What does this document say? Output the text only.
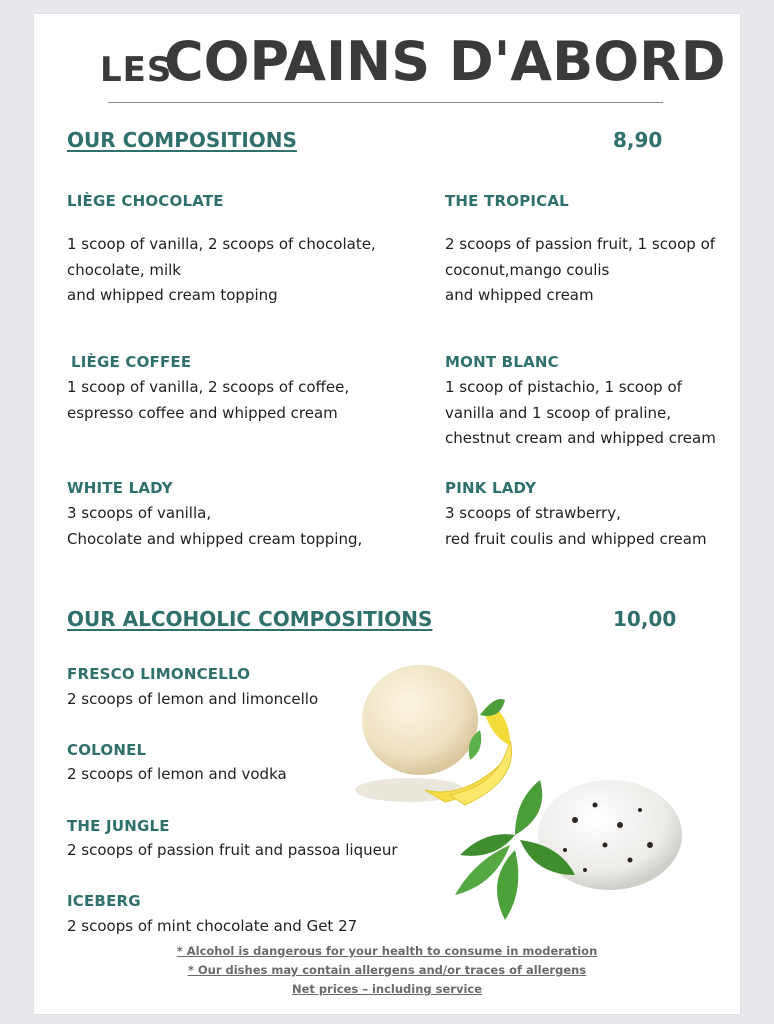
LES
COPAINS D'ABORD
OUR COMPOSITIONS	8,90
LIÈGE CHOCOLATE
1 scoop of vanilla, 2 scoops of chocolate,
chocolate, milk
and whipped cream topping
THE TROPICAL
2 scoops of passion fruit, 1 scoop of
coconut,mango coulis
and whipped cream
LIÈGE COFFEE
1 scoop of vanilla, 2 scoops of coffee,
espresso coffee and whipped cream
MONT BLANC
1 scoop of pistachio, 1 scoop of
vanilla and 1 scoop of praline,
chestnut cream and whipped cream
WHITE LADY
3 scoops of vanilla,
Chocolate and whipped cream topping,
PINK LADY
3 scoops of strawberry,
red fruit coulis and whipped cream
OUR ALCOHOLIC COMPOSITIONS	10,00
FRESCO LIMONCELLO
2 scoops of lemon and limoncello
COLONEL
2 scoops of lemon and vodka
THE JUNGLE
2 scoops of passion fruit and passoa liqueur
ICEBERG
2 scoops of mint chocolate and Get 27
* Alcohol is dangerous for your health to consume in moderation
* Our dishes may contain allergens and/or traces of allergens
Net prices – including service
